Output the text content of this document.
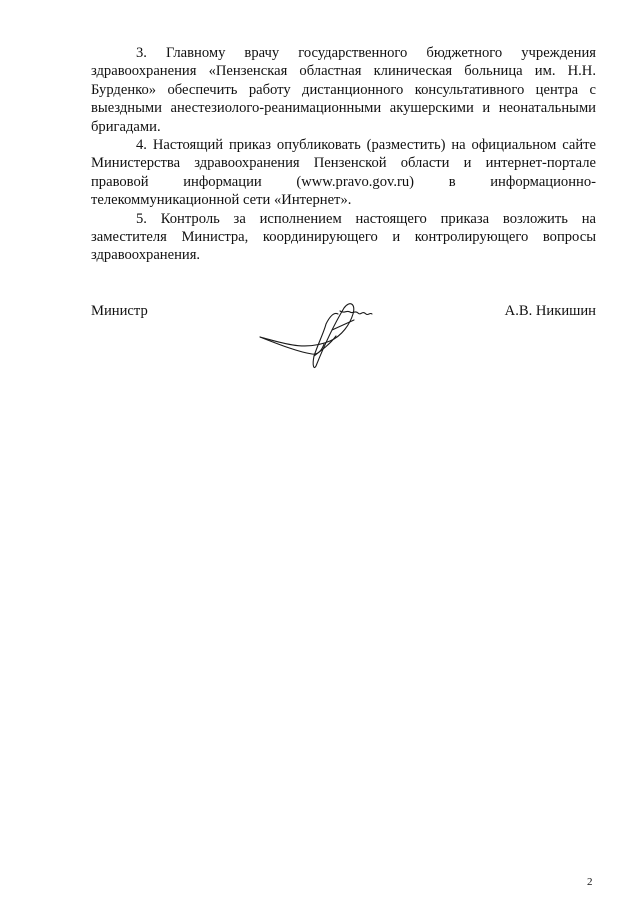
3. Главному врачу государственного бюджетного учреждения здравоохранения «Пензенская областная клиническая больница им. Н.Н. Бурденко» обеспечить работу дистанционного консультативного центра с выездными анестезиолого-реанимационными акушерскими и неонатальными бригадами.

4. Настоящий приказ опубликовать (разместить) на официальном сайте Министерства здравоохранения Пензенской области и интернет-портале правовой информации (www.pravo.gov.ru) в информационно-телекоммуникационной сети «Интернет».

5. Контроль за исполнением настоящего приказа возложить на заместителя Министра, координирующего и контролирующего вопросы здравоохранения.

Министр	А.В. Никишин
2
